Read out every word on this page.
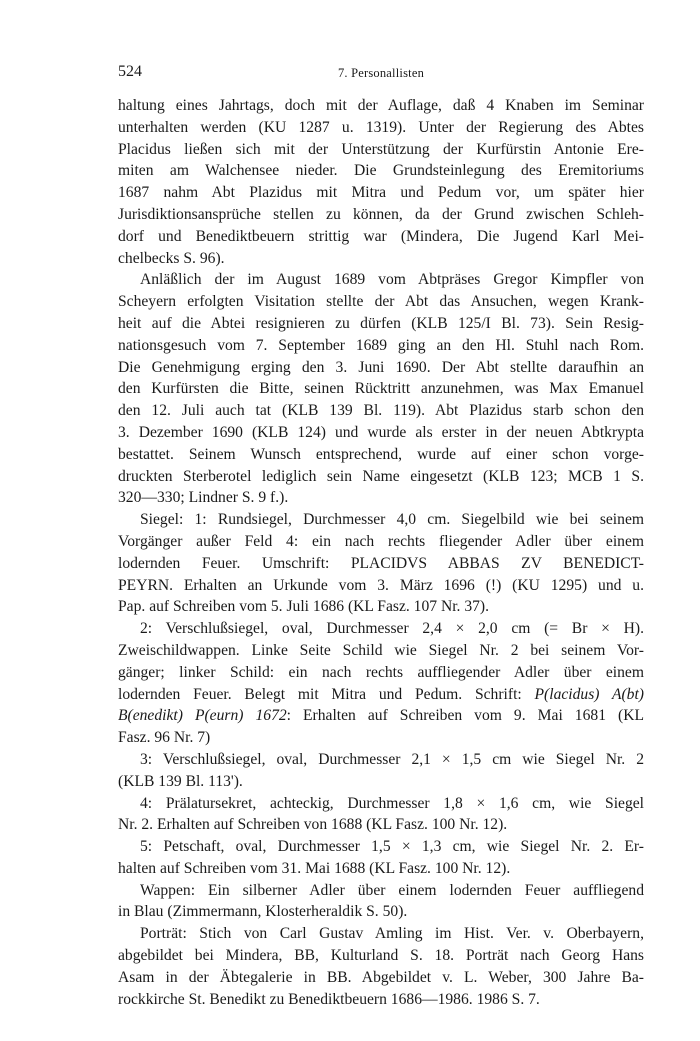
524	7. Personallisten
haltung eines Jahrtags, doch mit der Auflage, daß 4 Knaben im Seminar
unterhalten werden (KU 1287 u. 1319). Unter der Regierung des Abtes
Placidus ließen sich mit der Unterstützung der Kurfürstin Antonie Ere-
miten am Walchensee nieder. Die Grundsteinlegung des Eremitoriums
1687 nahm Abt Plazidus mit Mitra und Pedum vor, um später hier
Jurisdiktionsansprüche stellen zu können, da der Grund zwischen Schleh-
dorf und Benediktbeuern strittig war (Mindera, Die Jugend Karl Mei-
chelbecks S. 96).
Anläßlich der im August 1689 vom Abtpräses Gregor Kimpfler von
Scheyern erfolgten Visitation stellte der Abt das Ansuchen, wegen Krank-
heit auf die Abtei resignieren zu dürfen (KLB 125/I Bl. 73). Sein Resig-
nationsgesuch vom 7. September 1689 ging an den Hl. Stuhl nach Rom.
Die Genehmigung erging den 3. Juni 1690. Der Abt stellte daraufhin an
den Kurfürsten die Bitte, seinen Rücktritt anzunehmen, was Max Emanuel
den 12. Juli auch tat (KLB 139 Bl. 119). Abt Plazidus starb schon den
3. Dezember 1690 (KLB 124) und wurde als erster in der neuen Abtkrypta
bestattet. Seinem Wunsch entsprechend, wurde auf einer schon vorge-
druckten Sterberotel lediglich sein Name eingesetzt (KLB 123; MCB 1 S.
320—330; Lindner S. 9 f.).
Siegel: 1: Rundsiegel, Durchmesser 4,0 cm. Siegelbild wie bei seinem
Vorgänger außer Feld 4: ein nach rechts fliegender Adler über einem
lodernden Feuer. Umschrift: PLACIDVS ABBAS ZV BENEDICT-
PEYRN. Erhalten an Urkunde vom 3. März 1696 (!) (KU 1295) und u.
Pap. auf Schreiben vom 5. Juli 1686 (KL Fasz. 107 Nr. 37).
2: Verschlußsiegel, oval, Durchmesser 2,4 × 2,0 cm (= Br × H).
Zweischildwappen. Linke Seite Schild wie Siegel Nr. 2 bei seinem Vor-
gänger; linker Schild: ein nach rechts auffliegender Adler über einem
lodernden Feuer. Belegt mit Mitra und Pedum. Schrift: P(lacidus) A(bt)
B(enedikt) P(eurn) 1672: Erhalten auf Schreiben vom 9. Mai 1681 (KL
Fasz. 96 Nr. 7)
3: Verschlußsiegel, oval, Durchmesser 2,1 × 1,5 cm wie Siegel Nr. 2
(KLB 139 Bl. 113').
4: Prälatursekret, achteckig, Durchmesser 1,8 × 1,6 cm, wie Siegel
Nr. 2. Erhalten auf Schreiben von 1688 (KL Fasz. 100 Nr. 12).
5: Petschaft, oval, Durchmesser 1,5 × 1,3 cm, wie Siegel Nr. 2. Er-
halten auf Schreiben vom 31. Mai 1688 (KL Fasz. 100 Nr. 12).
Wappen: Ein silberner Adler über einem lodernden Feuer auffliegend
in Blau (Zimmermann, Klosterheraldik S. 50).
Porträt: Stich von Carl Gustav Amling im Hist. Ver. v. Oberbayern,
abgebildet bei Mindera, BB, Kulturland S. 18. Porträt nach Georg Hans
Asam in der Äbtegalerie in BB. Abgebildet v. L. Weber, 300 Jahre Ba-
rockkirche St. Benedikt zu Benediktbeuern 1686—1986. 1986 S. 7.
